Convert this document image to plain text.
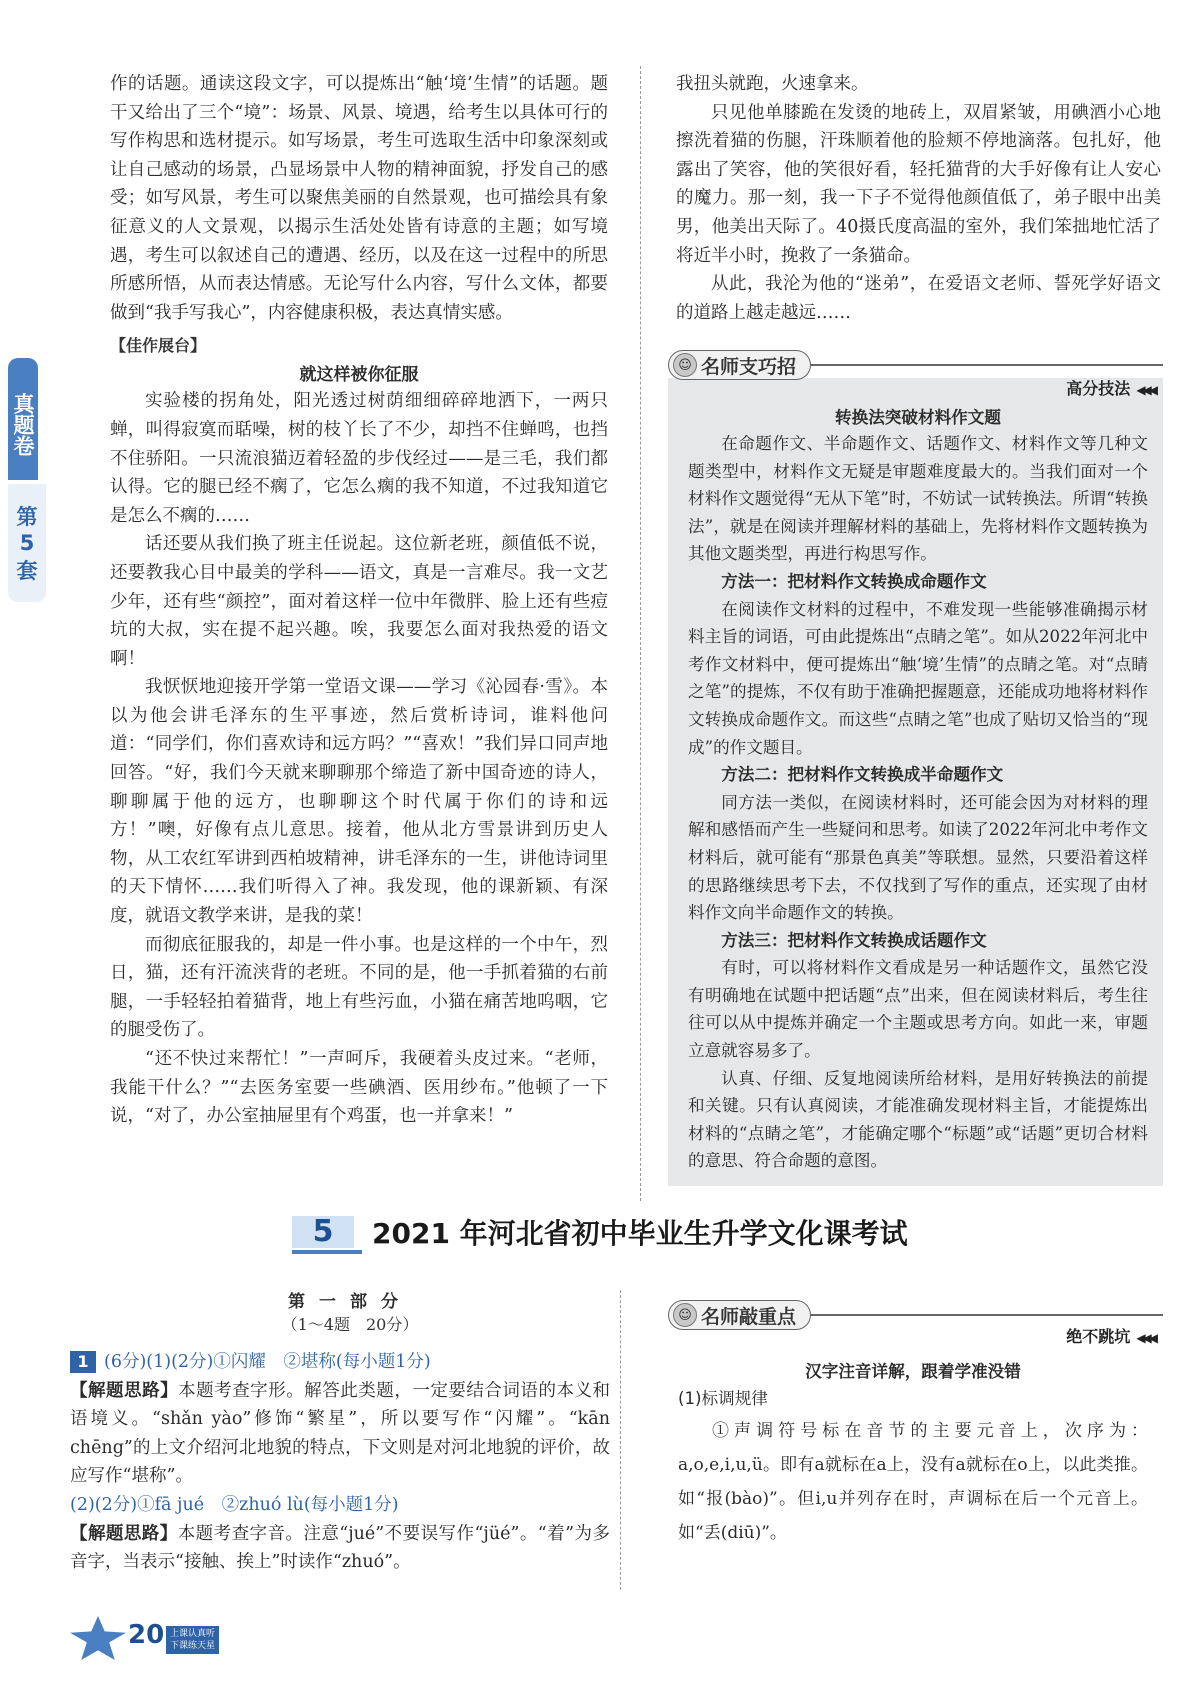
真题卷
第
5
套

作的话题。通读这段文字，可以提炼出“触‘境’生情”的话题。题干又给出了三个“境”：场景、风景、境遇，给考生以具体可行的写作构思和选材提示。如写场景，考生可选取生活中印象深刻或让自己感动的场景，凸显场景中人物的精神面貌，抒发自己的感受；如写风景，考生可以聚焦美丽的自然景观，也可描绘具有象征意义的人文景观，以揭示生活处处皆有诗意的主题；如写境遇，考生可以叙述自己的遭遇、经历，以及在这一过程中的所思所感所悟，从而表达情感。无论写什么内容，写什么文体，都要做到“我手写我心”，内容健康积极，表达真情实感。

【佳作展台】
就这样被你征服

实验楼的拐角处，阳光透过树荫细细碎碎地洒下，一两只蝉，叫得寂寞而聒噪，树的枝丫长了不少，却挡不住蝉鸣，也挡不住骄阳。一只流浪猫迈着轻盈的步伐经过——是三毛，我们都认得。它的腿已经不瘸了，它怎么瘸的我不知道，不过我知道它是怎么不瘸的……

话还要从我们换了班主任说起。这位新老班，颜值低不说，还要教我心目中最美的学科——语文，真是一言难尽。我一文艺少年，还有些“颜控”，面对着这样一位中年微胖、脸上还有些痘坑的大叔，实在提不起兴趣。唉，我要怎么面对我热爱的语文啊！

我恹恹地迎接开学第一堂语文课——学习《沁园春·雪》。本以为他会讲毛泽东的生平事迹，然后赏析诗词，谁料他问道：“同学们，你们喜欢诗和远方吗？”“喜欢！”我们异口同声地回答。“好，我们今天就来聊聊那个缔造了新中国奇迹的诗人，聊聊属于他的远方，也聊聊这个时代属于你们的诗和远方！”噢，好像有点儿意思。接着，他从北方雪景讲到历史人物，从工农红军讲到西柏坡精神，讲毛泽东的一生，讲他诗词里的天下情怀……我们听得入了神。我发现，他的课新颖、有深度，就语文教学来讲，是我的菜！

而彻底征服我的，却是一件小事。也是这样的一个中午，烈日，猫，还有汗流浃背的老班。不同的是，他一手抓着猫的右前腿，一手轻轻拍着猫背，地上有些污血，小猫在痛苦地呜咽，它的腿受伤了。

“还不快过来帮忙！”一声呵斥，我硬着头皮过来。“老师，我能干什么？”“去医务室要一些碘酒、医用纱布。”他顿了一下说，“对了，办公室抽屉里有个鸡蛋，也一并拿来！”

我扭头就跑，火速拿来。

只见他单膝跪在发烫的地砖上，双眉紧皱，用碘酒小心地擦洗着猫的伤腿，汗珠顺着他的脸颊不停地滴落。包扎好，他露出了笑容，他的笑很好看，轻托猫背的大手好像有让人安心的魔力。那一刻，我一下子不觉得他颜值低了，弟子眼中出美男，他美出天际了。40摄氏度高温的室外，我们笨拙地忙活了将近半小时，挽救了一条猫命。

从此，我沦为他的“迷弟”，在爱语文老师、誓死学好语文的道路上越走越远……

☺ 名师支巧招
高分技法 ◀◀◀
转换法突破材料作文题

在命题作文、半命题作文、话题作文、材料作文等几种文题类型中，材料作文无疑是审题难度最大的。当我们面对一个材料作文题觉得“无从下笔”时，不妨试一试转换法。所谓“转换法”，就是在阅读并理解材料的基础上，先将材料作文题转换为其他文题类型，再进行构思写作。

方法一：把材料作文转换成命题作文

在阅读作文材料的过程中，不难发现一些能够准确揭示材料主旨的词语，可由此提炼出“点睛之笔”。如从2022年河北中考作文材料中，便可提炼出“触‘境’生情”的点睛之笔。对“点睛之笔”的提炼，不仅有助于准确把握题意，还能成功地将材料作文转换成命题作文。而这些“点睛之笔”也成了贴切又恰当的“现成”的作文题目。

方法二：把材料作文转换成半命题作文

同方法一类似，在阅读材料时，还可能会因为对材料的理解和感悟而产生一些疑问和思考。如读了2022年河北中考作文材料后，就可能有“那景色真美”等联想。显然，只要沿着这样的思路继续思考下去，不仅找到了写作的重点，还实现了由材料作文向半命题作文的转换。

方法三：把材料作文转换成话题作文

有时，可以将材料作文看成是另一种话题作文，虽然它没有明确地在试题中把话题“点”出来，但在阅读材料后，考生往往可以从中提炼并确定一个主题或思考方向。如此一来，审题立意就容易多了。

认真、仔细、反复地阅读所给材料，是用好转换法的前提和关键。只有认真阅读，才能准确发现材料主旨，才能提炼出材料的“点睛之笔”，才能确定哪个“标题”或“话题”更切合材料的意思、符合命题的意图。

5	2021 年河北省初中毕业生升学文化课考试
第一部分
（1～4题　20分）

1 (6分)(1)(2分)①闪耀　②堪称(每小题1分)

【解题思路】本题考查字形。解答此类题，一定要结合词语的本义和语境义。“shǎn yào”修饰“繁星”，所以要写作“闪耀”。“kān chēng”的上文介绍河北地貌的特点，下文则是对河北地貌的评价，故应写作“堪称”。

(2)(2分)①fā jué　②zhuó lù(每小题1分)

【解题思路】本题考查字音。注意“jué”不要误写作“jüé”。“着”为多音字，当表示“接触、挨上”时读作“zhuó”。

☺ 名师敲重点
绝不跳坑 ◀◀◀
汉字注音详解，跟着学准没错

(1)标调规律

①声调符号标在音节的主要元音上，次序为：a,o,e,i,u,ü。即有a就标在a上，没有a就标在o上，以此类推。如“报(bào)”。但i,u并列存在时，声调标在后一个元音上。如“丢(diū)”。

20 上课认真听
下课练天星
